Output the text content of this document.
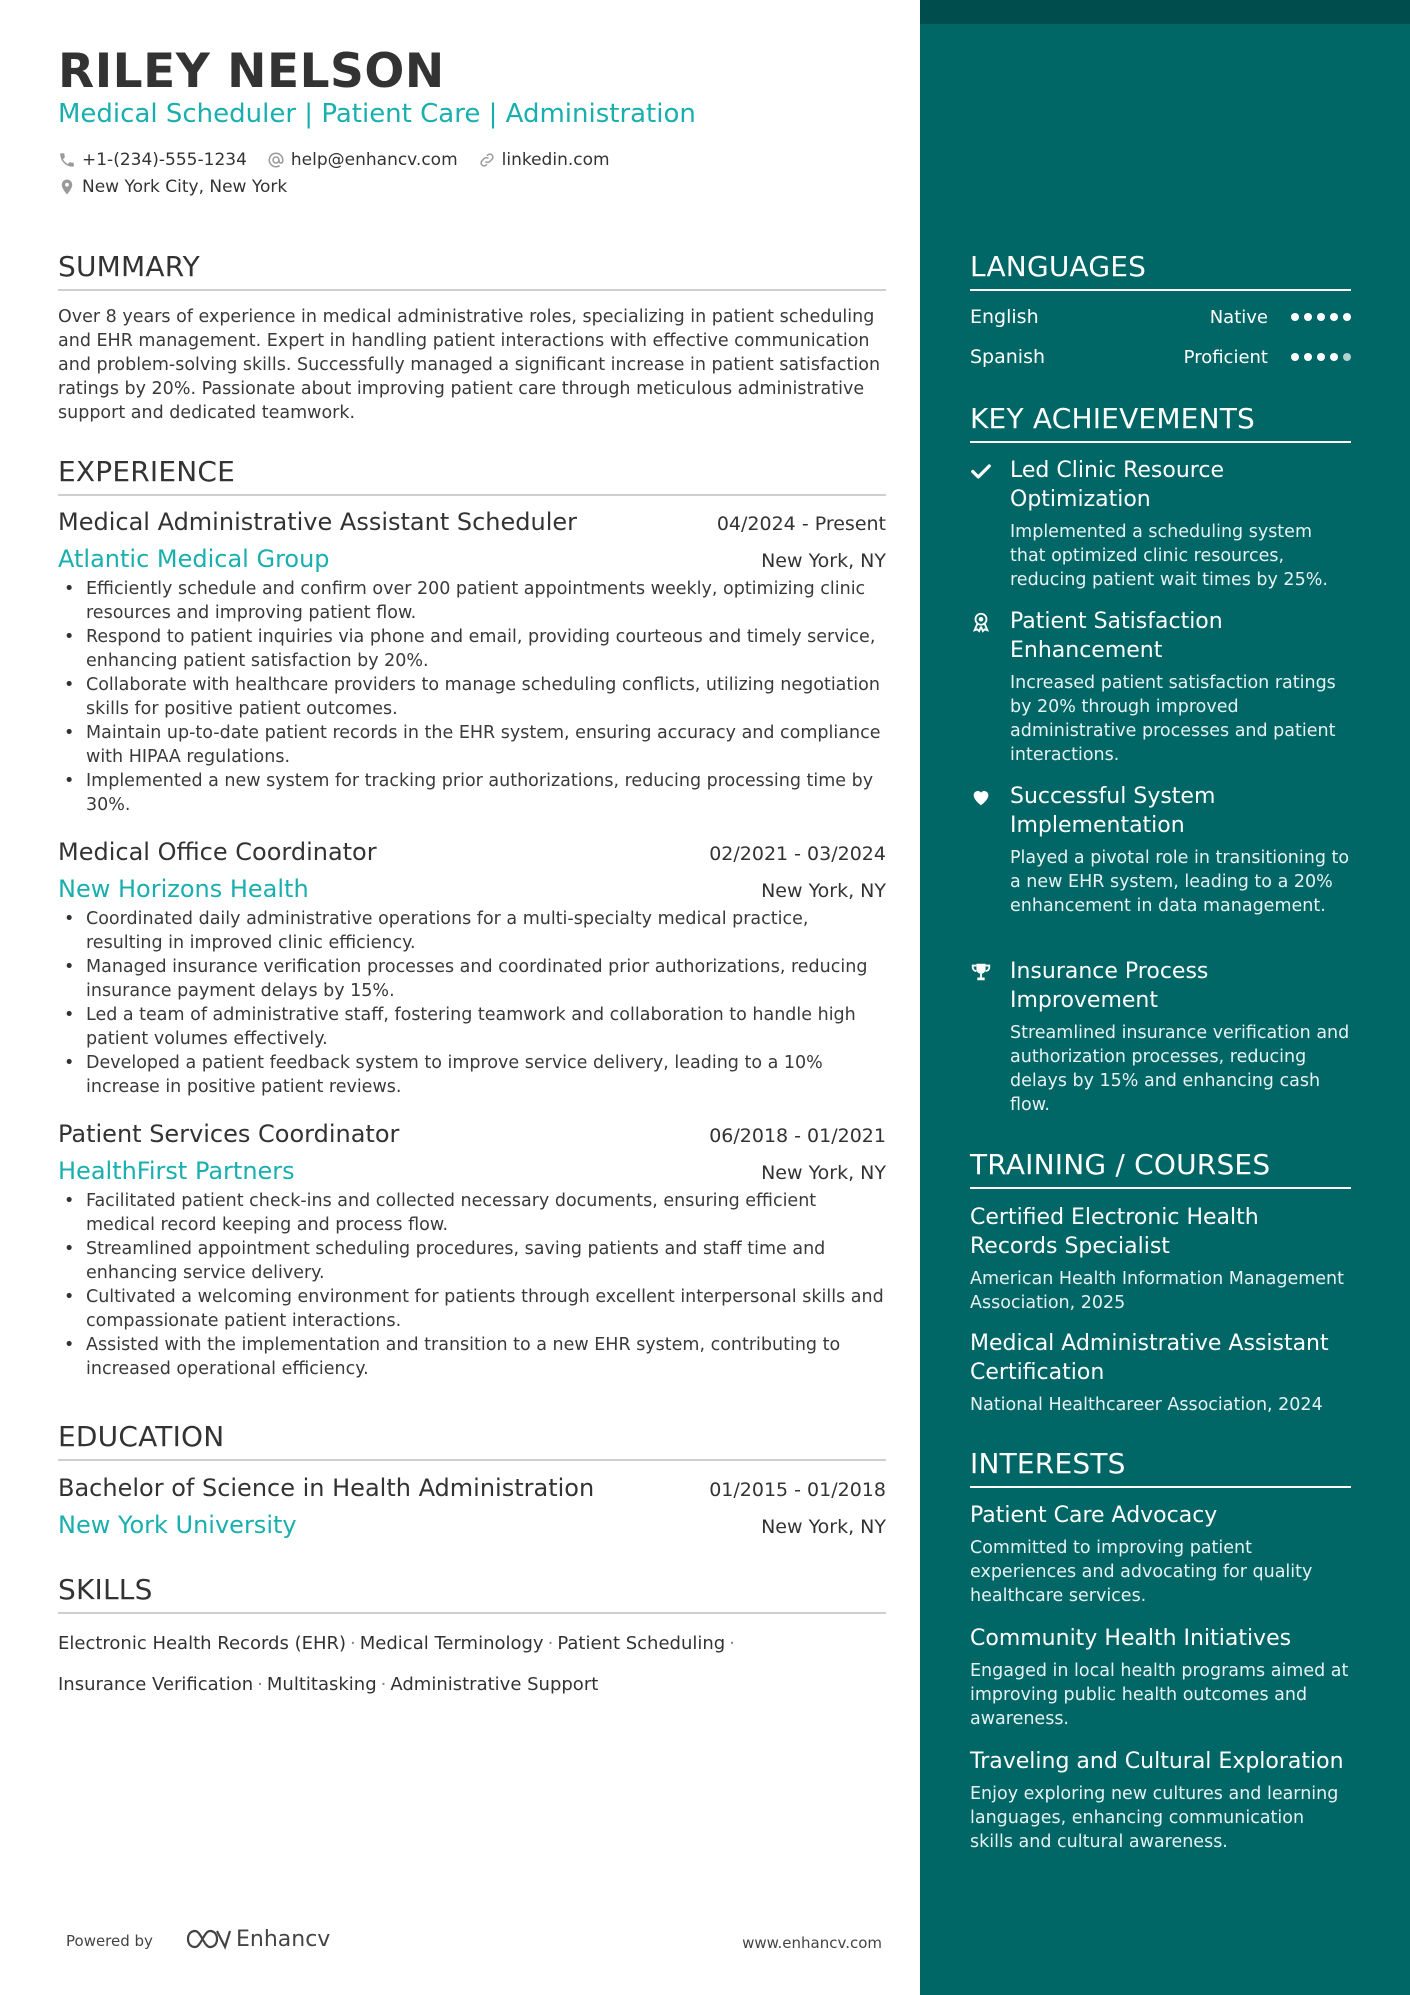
RILEY NELSON
Medical Scheduler | Patient Care | Administration
+1-(234)-555-1234	help@enhancv.com	linkedin.com
New York City, New York
SUMMARY
Over 8 years of experience in medical administrative roles, specializing in patient scheduling and EHR management. Expert in handling patient interactions with effective communication and problem-solving skills. Successfully managed a significant increase in patient satisfaction ratings by 20%. Passionate about improving patient care through meticulous administrative support and dedicated teamwork.
EXPERIENCE
Medical Administrative Assistant Scheduler	04/2024 - Present
Atlantic Medical Group	New York, NY
• Efficiently schedule and confirm over 200 patient appointments weekly, optimizing clinic resources and improving patient flow.
• Respond to patient inquiries via phone and email, providing courteous and timely service, enhancing patient satisfaction by 20%.
• Collaborate with healthcare providers to manage scheduling conflicts, utilizing negotiation skills for positive patient outcomes.
• Maintain up-to-date patient records in the EHR system, ensuring accuracy and compliance with HIPAA regulations.
• Implemented a new system for tracking prior authorizations, reducing processing time by 30%.
Medical Office Coordinator	02/2021 - 03/2024
New Horizons Health	New York, NY
• Coordinated daily administrative operations for a multi-specialty medical practice, resulting in improved clinic efficiency.
• Managed insurance verification processes and coordinated prior authorizations, reducing insurance payment delays by 15%.
• Led a team of administrative staff, fostering teamwork and collaboration to handle high patient volumes effectively.
• Developed a patient feedback system to improve service delivery, leading to a 10% increase in positive patient reviews.
Patient Services Coordinator	06/2018 - 01/2021
HealthFirst Partners	New York, NY
• Facilitated patient check-ins and collected necessary documents, ensuring efficient medical record keeping and process flow.
• Streamlined appointment scheduling procedures, saving patients and staff time and enhancing service delivery.
• Cultivated a welcoming environment for patients through excellent interpersonal skills and compassionate patient interactions.
• Assisted with the implementation and transition to a new EHR system, contributing to increased operational efficiency.
EDUCATION
Bachelor of Science in Health Administration	01/2015 - 01/2018
New York University	New York, NY
SKILLS
Electronic Health Records (EHR) · Medical Terminology · Patient Scheduling ·
Insurance Verification · Multitasking · Administrative Support
Powered by	Enhancv	www.enhancv.com
LANGUAGES
English	Native
Spanish	Proficient
KEY ACHIEVEMENTS
Led Clinic Resource Optimization
Implemented a scheduling system that optimized clinic resources, reducing patient wait times by 25%.
Patient Satisfaction Enhancement
Increased patient satisfaction ratings by 20% through improved administrative processes and patient interactions.
Successful System Implementation
Played a pivotal role in transitioning to a new EHR system, leading to a 20% enhancement in data management.
Insurance Process Improvement
Streamlined insurance verification and authorization processes, reducing delays by 15% and enhancing cash flow.
TRAINING / COURSES
Certified Electronic Health Records Specialist
American Health Information Management Association, 2025
Medical Administrative Assistant Certification
National Healthcareer Association, 2024
INTERESTS
Patient Care Advocacy
Committed to improving patient experiences and advocating for quality healthcare services.
Community Health Initiatives
Engaged in local health programs aimed at improving public health outcomes and awareness.
Traveling and Cultural Exploration
Enjoy exploring new cultures and learning languages, enhancing communication skills and cultural awareness.
